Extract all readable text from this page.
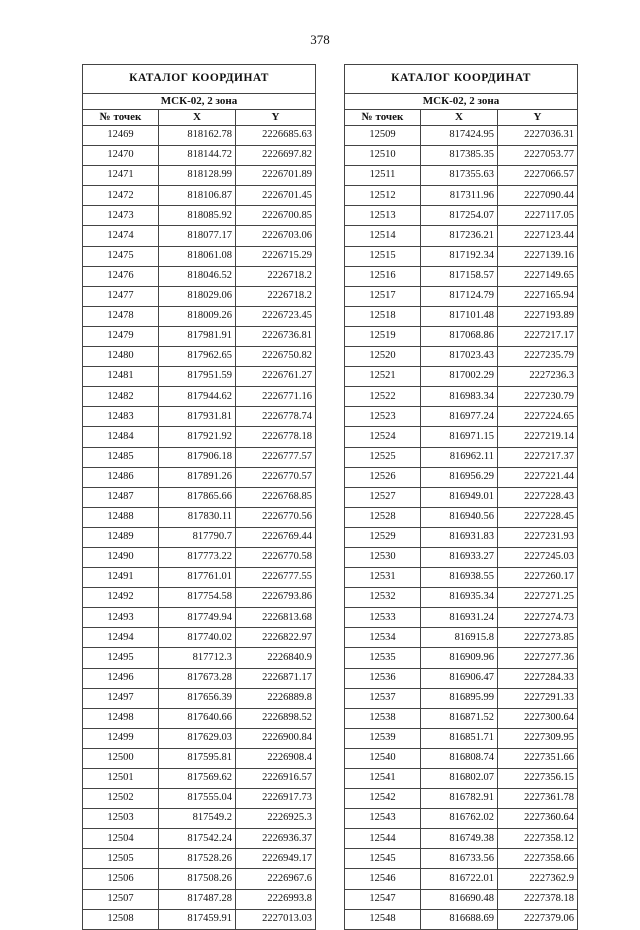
378
КАТАЛОГ КООРДИНАТ		
МСК-02, 2 зона		
№ точек	X	Y
12469	818162.78	2226685.63
12470	818144.72	2226697.82
12471	818128.99	2226701.89
12472	818106.87	2226701.45
12473	818085.92	2226700.85
12474	818077.17	2226703.06
12475	818061.08	2226715.29
12476	818046.52	2226718.2
12477	818029.06	2226718.2
12478	818009.26	2226723.45
12479	817981.91	2226736.81
12480	817962.65	2226750.82
12481	817951.59	2226761.27
12482	817944.62	2226771.16
12483	817931.81	2226778.74
12484	817921.92	2226778.18
12485	817906.18	2226777.57
12486	817891.26	2226770.57
12487	817865.66	2226768.85
12488	817830.11	2226770.56
12489	817790.7	2226769.44
12490	817773.22	2226770.58
12491	817761.01	2226777.55
12492	817754.58	2226793.86
12493	817749.94	2226813.68
12494	817740.02	2226822.97
12495	817712.3	2226840.9
12496	817673.28	2226871.17
12497	817656.39	2226889.8
12498	817640.66	2226898.52
12499	817629.03	2226900.84
12500	817595.81	2226908.4
12501	817569.62	2226916.57
12502	817555.04	2226917.73
12503	817549.2	2226925.3
12504	817542.24	2226936.37
12505	817528.26	2226949.17
12506	817508.26	2226967.6
12507	817487.28	2226993.8
12508	817459.91	2227013.03
КАТАЛОГ КООРДИНАТ		
МСК-02, 2 зона		
№ точек	X	Y
12509	817424.95	2227036.31
12510	817385.35	2227053.77
12511	817355.63	2227066.57
12512	817311.96	2227090.44
12513	817254.07	2227117.05
12514	817236.21	2227123.44
12515	817192.34	2227139.16
12516	817158.57	2227149.65
12517	817124.79	2227165.94
12518	817101.48	2227193.89
12519	817068.86	2227217.17
12520	817023.43	2227235.79
12521	817002.29	2227236.3
12522	816983.34	2227230.79
12523	816977.24	2227224.65
12524	816971.15	2227219.14
12525	816962.11	2227217.37
12526	816956.29	2227221.44
12527	816949.01	2227228.43
12528	816940.56	2227228.45
12529	816931.83	2227231.93
12530	816933.27	2227245.03
12531	816938.55	2227260.17
12532	816935.34	2227271.25
12533	816931.24	2227274.73
12534	816915.8	2227273.85
12535	816909.96	2227277.36
12536	816906.47	2227284.33
12537	816895.99	2227291.33
12538	816871.52	2227300.64
12539	816851.71	2227309.95
12540	816808.74	2227351.66
12541	816802.07	2227356.15
12542	816782.91	2227361.78
12543	816762.02	2227360.64
12544	816749.38	2227358.12
12545	816733.56	2227358.66
12546	816722.01	2227362.9
12547	816690.48	2227378.18
12548	816688.69	2227379.06
